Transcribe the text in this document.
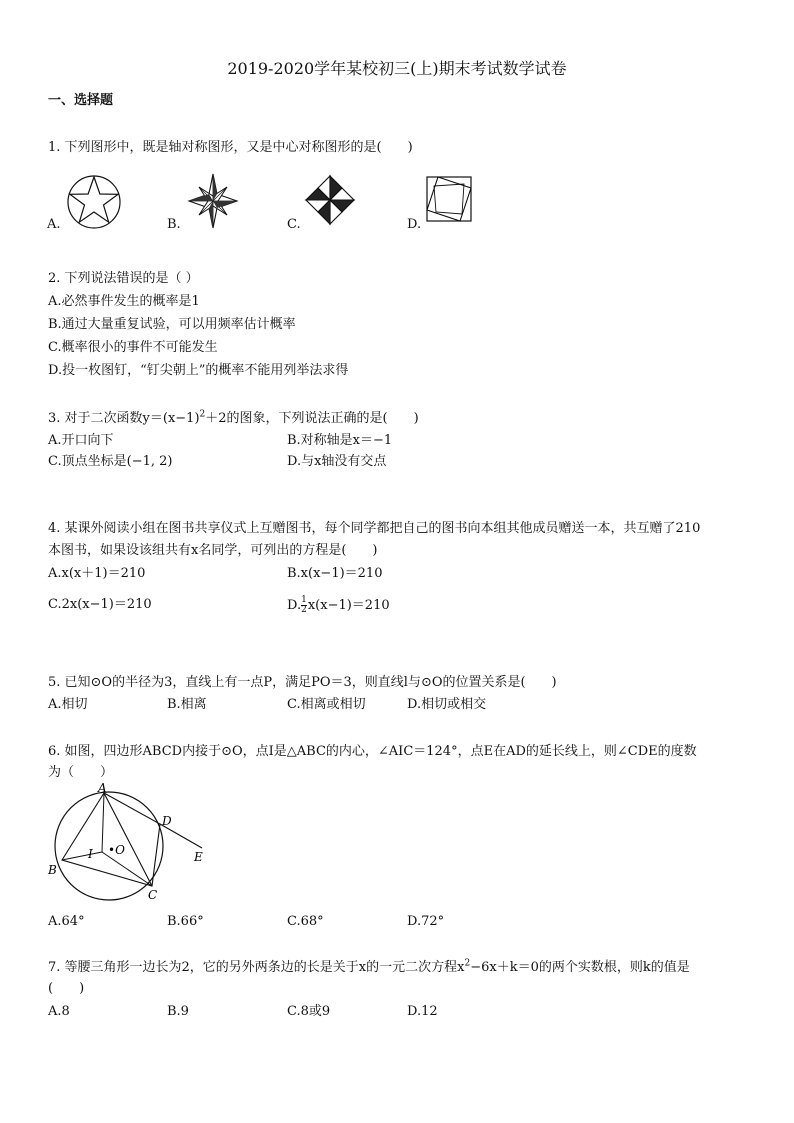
2019-2020学年某校初三(上)期末考试数学试卷
一、选择题
1. 下列图形中，既是轴对称图形，又是中心对称图形的是(　　)
A.	B.	C.	D.
2. 下列说法错误的是（ ）
A.必然事件发生的概率是1
B.通过大量重复试验，可以用频率估计概率
C.概率很小的事件不可能发生
D.投一枚图钉，“钉尖朝上”的概率不能用列举法求得
3. 对于二次函数$y=(x-1)^2+2$的图象，下列说法正确的是(　　)
A.开口向下	B.对称轴是x＝−1
C.顶点坐标是(−1, 2)	D.与x轴没有交点
4. 某课外阅读小组在图书共享仪式上互赠图书，每个同学都把自己的图书向本组其他成员赠送一本，共互赠了210
本图书，如果设该组共有x名同学，可列出的方程是(　　)
A.x(x＋1)＝210	B.x(x−1)＝210
C.2x(x−1)＝210	D. $\frac{1}{2} x(x-1)=210$
5. 已知⊙O的半径为3，直线上有一点P，满足PO＝3，则直线l与⊙O的位置关系是(　　)
A.相切	B.相离	C.相离或相切	D.相切或相交
6. 如图，四边形ABCD内接于⊙O，点I是△ABC的内心，∠AIC＝124°，点E在AD的延长线上，则∠CDE的度数
为（　　）
A
D
E
B
C
I •O
A.64°	B.66°	C.68°	D.72°
7. 等腰三角形一边长为2，它的另外两条边的长是关于x的一元二次方程$x^2-6x+k=0$的两个实数根，则k的值是
(　　)
A.8	B.9	C.8或9	D.12
